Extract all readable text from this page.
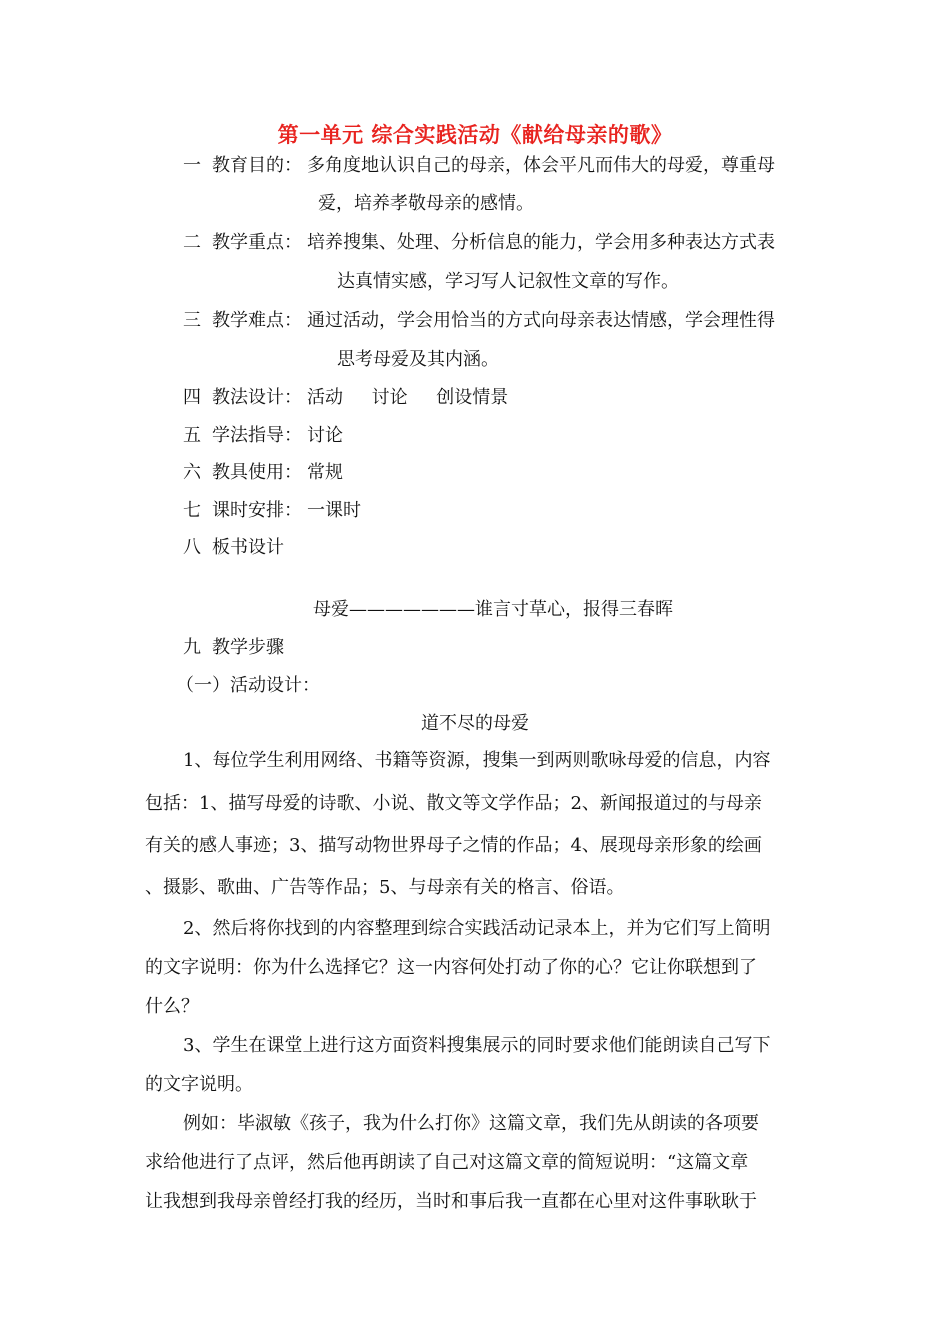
第一单元 综合实践活动《献给母亲的歌》
一 教育目的： 多角度地认识自己的母亲，体会平凡而伟大的母爱，尊重母
爱，培养孝敬母亲的感情。
二 教学重点： 培养搜集、处理、分析信息的能力，学会用多种表达方式表
达真情实感，学习写人记叙性文章的写作。
三 教学难点： 通过活动，学会用恰当的方式向母亲表达情感，学会理性得
思考母爱及其内涵。
四 教法设计： 活动     讨论     创设情景
五 学法指导： 讨论
六 教具使用： 常规
七 课时安排： 一课时
八 板书设计
母爱———————谁言寸草心，报得三春晖
九 教学步骤
（一）活动设计：
道不尽的母爱
1、每位学生利用网络、书籍等资源，搜集一到两则歌咏母爱的信息，内容
包括：1、描写母爱的诗歌、小说、散文等文学作品；2、新闻报道过的与母亲
有关的感人事迹；3、描写动物世界母子之情的作品；4、展现母亲形象的绘画
、摄影、歌曲、广告等作品；5、与母亲有关的格言、俗语。
2、然后将你找到的内容整理到综合实践活动记录本上，并为它们写上简明
的文字说明：你为什么选择它？这一内容何处打动了你的心？它让你联想到了
什么？
3、学生在课堂上进行这方面资料搜集展示的同时要求他们能朗读自己写下
的文字说明。
例如：毕淑敏《孩子，我为什么打你》这篇文章，我们先从朗读的各项要
求给他进行了点评，然后他再朗读了自己对这篇文章的简短说明：“这篇文章
让我想到我母亲曾经打我的经历，当时和事后我一直都在心里对这件事耿耿于
